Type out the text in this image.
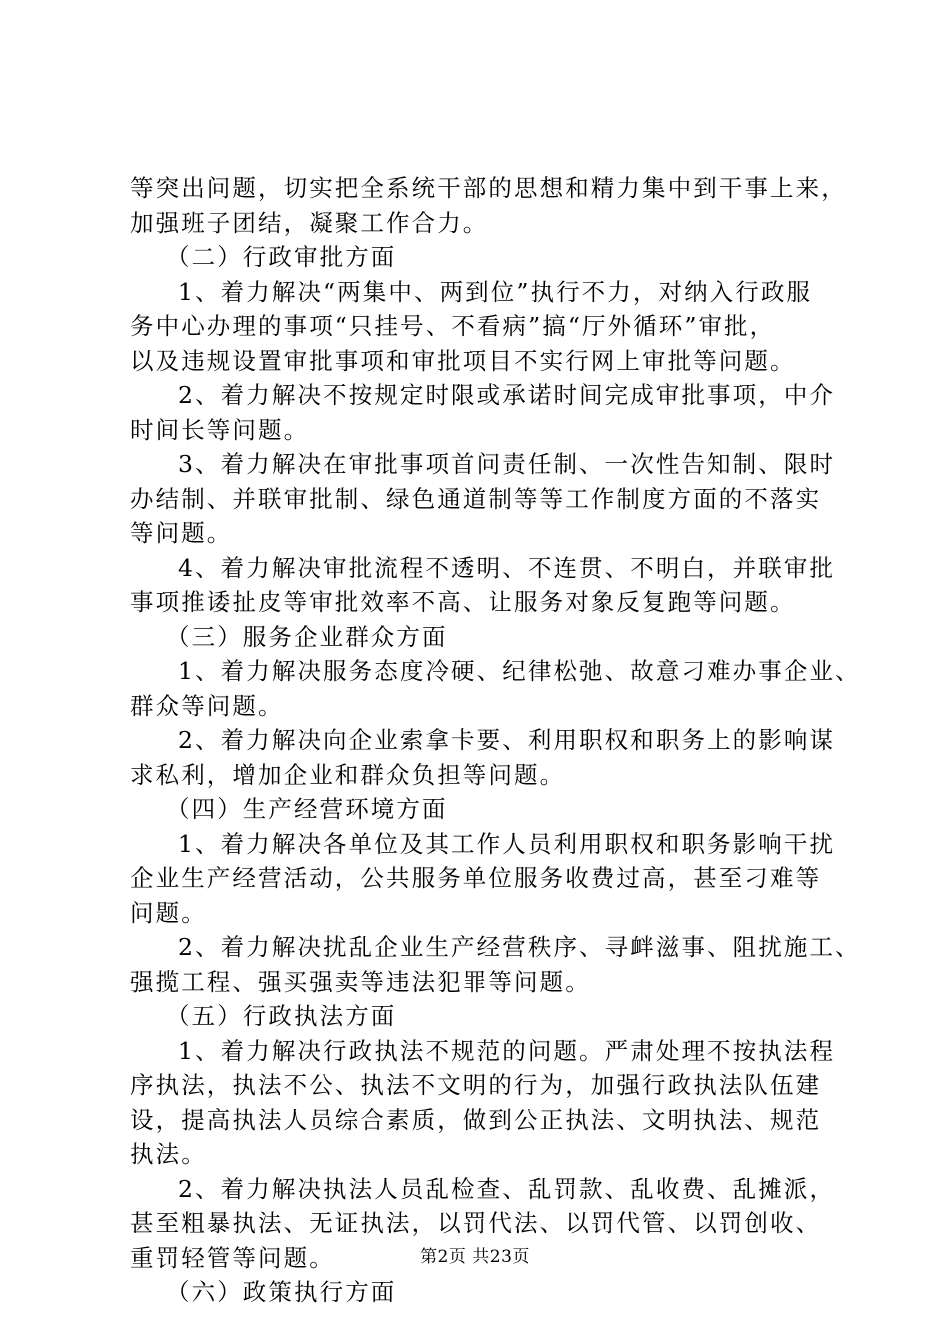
等突出问题，切实把全系统干部的思想和精力集中到干事上来，
加强班子团结，凝聚工作合力。
（二）行政审批方面
1、着力解决“两集中、两到位”执行不力，对纳入行政服
务中心办理的事项“只挂号、不看病”搞“厅外循环”审批，
以及违规设置审批事项和审批项目不实行网上审批等问题。
2、着力解决不按规定时限或承诺时间完成审批事项，中介
时间长等问题。
3、着力解决在审批事项首问责任制、一次性告知制、限时
办结制、并联审批制、绿色通道制等等工作制度方面的不落实
等问题。
4、着力解决审批流程不透明、不连贯、不明白，并联审批
事项推诿扯皮等审批效率不高、让服务对象反复跑等问题。
（三）服务企业群众方面
1、着力解决服务态度冷硬、纪律松弛、故意刁难办事企业、
群众等问题。
2、着力解决向企业索拿卡要、利用职权和职务上的影响谋
求私利，增加企业和群众负担等问题。
（四）生产经营环境方面
1、着力解决各单位及其工作人员利用职权和职务影响干扰
企业生产经营活动，公共服务单位服务收费过高，甚至刁难等
问题。
2、着力解决扰乱企业生产经营秩序、寻衅滋事、阻扰施工、
强揽工程、强买强卖等违法犯罪等问题。
（五）行政执法方面
1、着力解决行政执法不规范的问题。严肃处理不按执法程
序执法，执法不公、执法不文明的行为，加强行政执法队伍建
设，提高执法人员综合素质，做到公正执法、文明执法、规范
执法。
2、着力解决执法人员乱检查、乱罚款、乱收费、乱摊派，
甚至粗暴执法、无证执法，以罚代法、以罚代管、以罚创收、
重罚轻管等问题。
（六）政策执行方面
第2页 共23页
